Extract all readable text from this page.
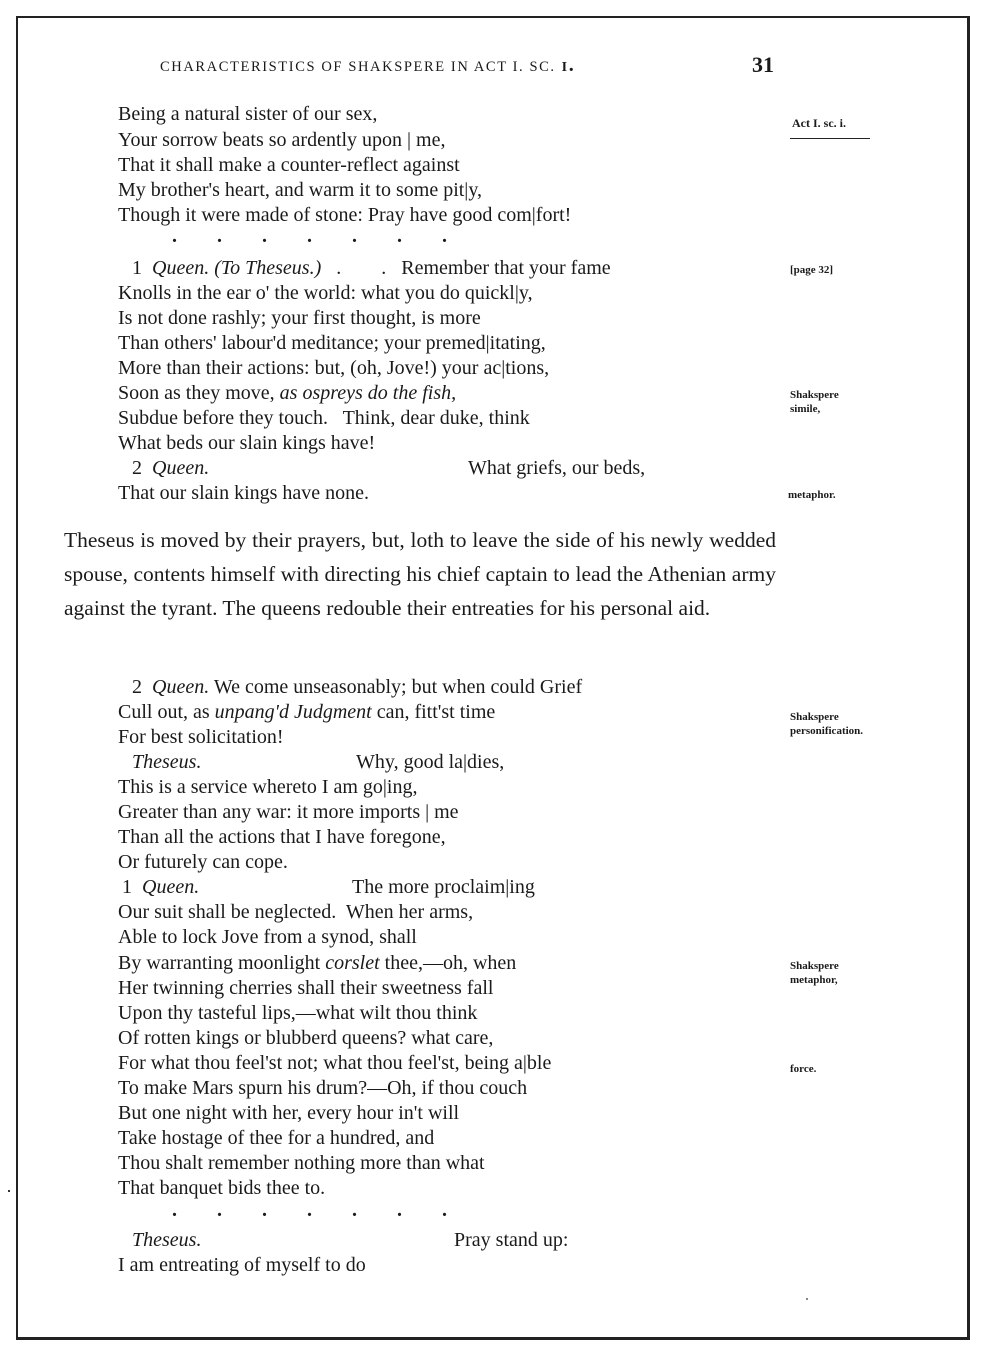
CHARACTERISTICS OF SHAKSPERE IN ACT I. SC. i.	31
Act I. sc. i.
[page 32]
Shakspere
simile,
metaphor.
Shakspere
personification.
Shakspere
metaphor,
force.
Being a natural sister of our sex,
Your sorrow beats so ardently upon | me,
That it shall make a counter-reflect against
My brother's heart, and warm it to some pit|y,
Though it were made of stone: Pray have good com|fort!
.        .        .        .        .        .        .
1 Queen. (To Theseus.) .        .   Remember that your fame
Knolls in the ear o' the world: what you do quickl|y,
Is not done rashly; your first thought, is more
Than others' labour'd meditance; your premed|itating,
More than their actions: but, (oh, Jove!) your ac|tions,
Soon as they move, as ospreys do the fish,
Subdue before they touch.   Think, dear duke, think
What beds our slain kings have!
2 Queen.	What griefs, our beds,
That our slain kings have none.

Theseus is moved by their prayers, but, loth to leave the side of his newly wedded spouse, contents himself with directing his chief captain to lead the Athenian army against the tyrant. The queens redouble their entreaties for his personal aid.

2 Queen. We come unseasonably; but when could Grief
Cull out, as unpang'd Judgment can, fitt'st time
For best solicitation!
Theseus.	Why, good la|dies,
This is a service whereto I am go|ing,
Greater than any war: it more imports | me
Than all the actions that I have foregone,
Or futurely can cope.
1 Queen.	The more proclaim|ing
Our suit shall be neglected.  When her arms,
Able to lock Jove from a synod, shall
By warranting moonlight corslet thee,—oh, when
Her twinning cherries shall their sweetness fall
Upon thy tasteful lips,—what wilt thou think
Of rotten kings or blubberd queens? what care,
For what thou feel'st not; what thou feel'st, being a|ble
To make Mars spurn his drum?—Oh, if thou couch
But one night with her, every hour in't will
Take hostage of thee for a hundred, and
Thou shalt remember nothing more than what
That banquet bids thee to.
.        .        .        .        .        .        .
Theseus.	Pray stand up:
I am entreating of myself to do
